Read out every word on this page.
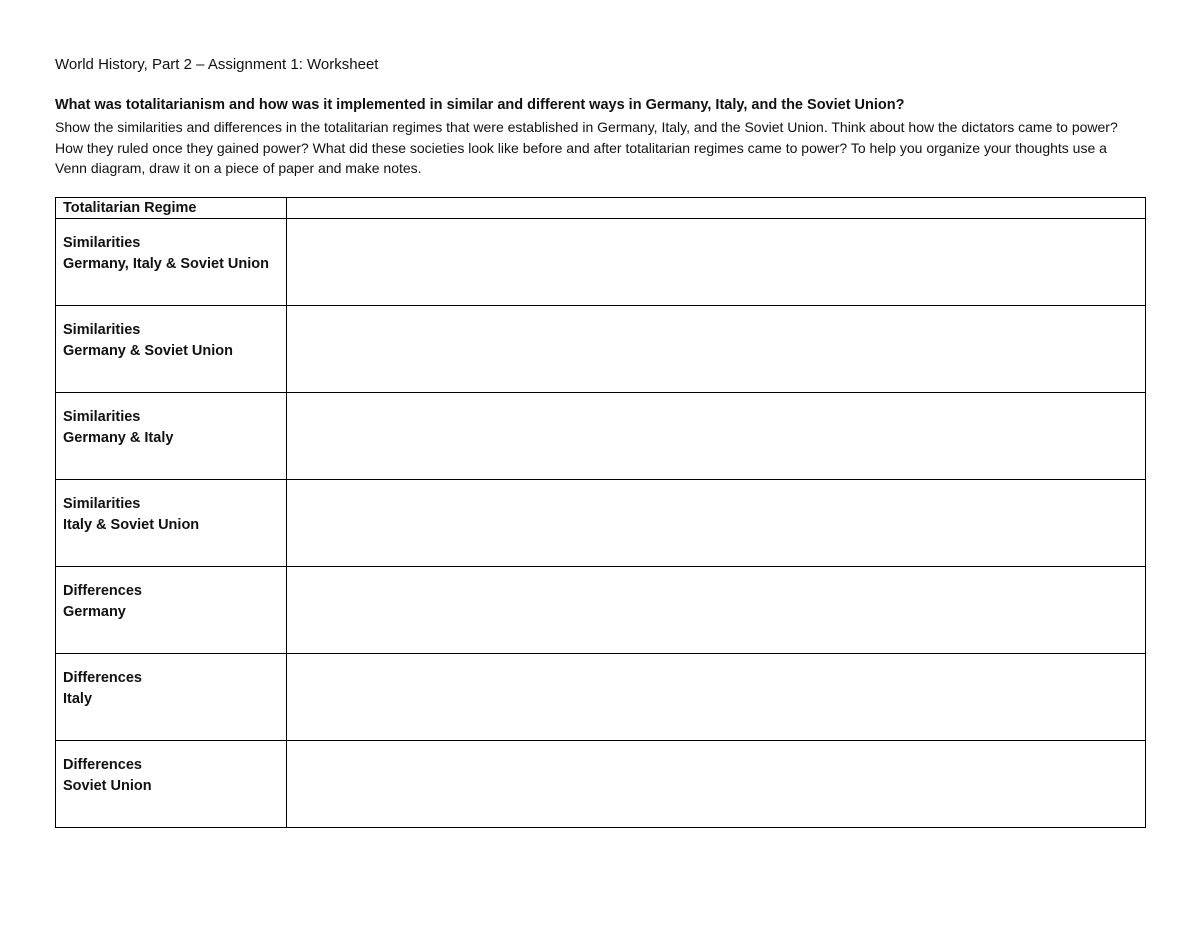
World History, Part 2 – Assignment 1: Worksheet

What was totalitarianism and how was it implemented in similar and different ways in Germany, Italy, and the Soviet Union?

Show the similarities and differences in the totalitarian regimes that were established in Germany, Italy, and the Soviet Union. Think about how the dictators came to power? How they ruled once they gained power? What did these societies look like before and after totalitarian regimes came to power? To help you organize your thoughts use a Venn diagram, draw it on a piece of paper and make notes.

Totalitarian Regime	

Similarities
Germany, Italy & Soviet Union	

Similarities
Germany & Soviet Union	

Similarities
Germany & Italy	

Similarities
Italy & Soviet Union	

Differences
Germany	

Differences
Italy	

Differences
Soviet Union	
